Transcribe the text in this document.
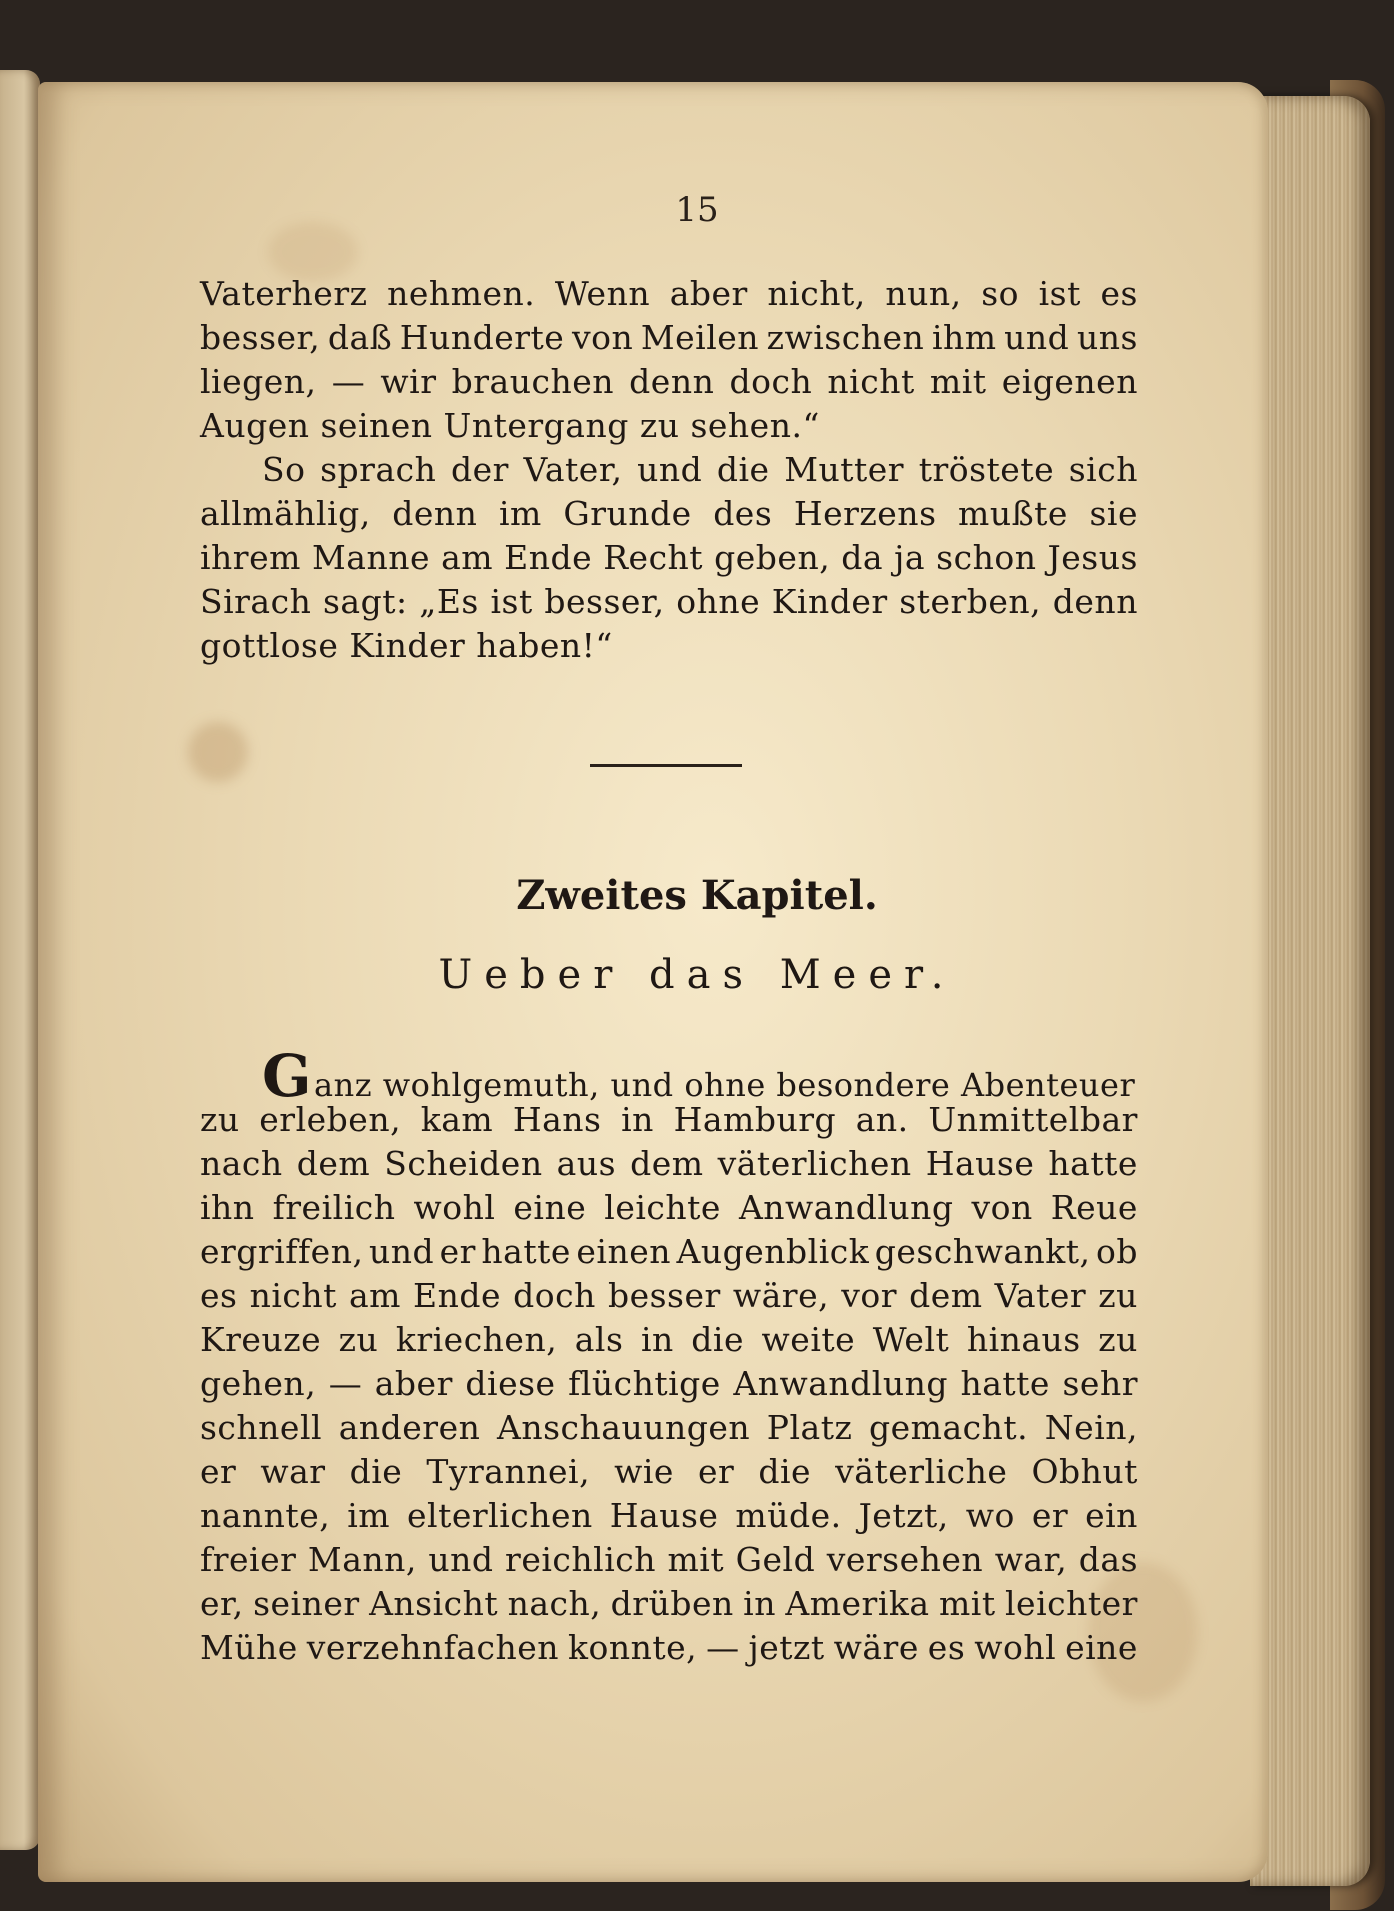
15
Vaterherz nehmen. Wenn aber nicht, nun, so ist es
besser, daß Hunderte von Meilen zwischen ihm und uns
liegen, — wir brauchen denn doch nicht mit eigenen
Augen seinen Untergang zu sehen.“
So sprach der Vater, und die Mutter tröstete sich
allmählig, denn im Grunde des Herzens mußte sie
ihrem Manne am Ende Recht geben, da ja schon Jesus
Sirach sagt: „Es ist besser, ohne Kinder sterben, denn
gottlose Kinder haben!“
Zweites Kapitel.
Ueber das Meer.
Ganz wohlgemuth, und ohne besondere Abenteuer
zu erleben, kam Hans in Hamburg an. Unmittelbar
nach dem Scheiden aus dem väterlichen Hause hatte
ihn freilich wohl eine leichte Anwandlung von Reue
ergriffen, und er hatte einen Augenblick geschwankt, ob
es nicht am Ende doch besser wäre, vor dem Vater zu
Kreuze zu kriechen, als in die weite Welt hinaus zu
gehen, — aber diese flüchtige Anwandlung hatte sehr
schnell anderen Anschauungen Platz gemacht. Nein,
er war die Tyrannei, wie er die väterliche Obhut
nannte, im elterlichen Hause müde. Jetzt, wo er ein
freier Mann, und reichlich mit Geld versehen war, das
er, seiner Ansicht nach, drüben in Amerika mit leichter
Mühe verzehnfachen konnte, — jetzt wäre es wohl eine
